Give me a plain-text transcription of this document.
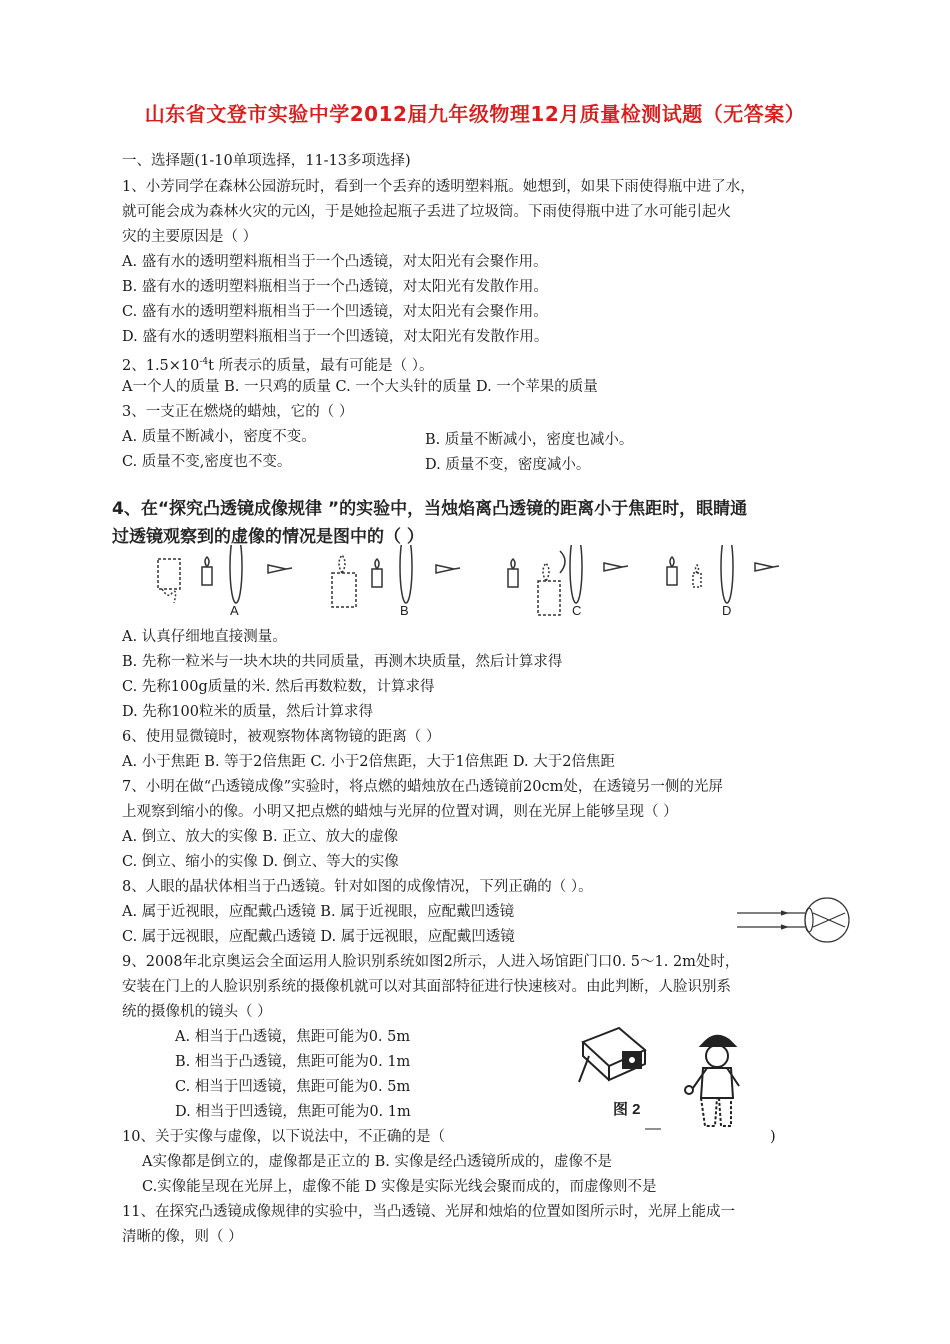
山东省文登市实验中学2012届九年级物理12月质量检测试题（无答案）
一、选择题(1-10单项选择，11-13多项选择)
1、小芳同学在森林公园游玩时，看到一个丢弃的透明塑料瓶。她想到，如果下雨使得瓶中进了水，
就可能会成为森林火灾的元凶，于是她捡起瓶子丢进了垃圾筒。下雨使得瓶中进了水可能引起火
灾的主要原因是（ ）
A. 盛有水的透明塑料瓶相当于一个凸透镜，对太阳光有会聚作用。
B. 盛有水的透明塑料瓶相当于一个凸透镜，对太阳光有发散作用。
C. 盛有水的透明塑料瓶相当于一个凹透镜，对太阳光有会聚作用。
D. 盛有水的透明塑料瓶相当于一个凹透镜，对太阳光有发散作用。
2、$1.5\times 10^{-4}t$ 所表示的质量，最有可能是（ ）。
A一个人的质量 B. 一只鸡的质量 C. 一个大头针的质量 D. 一个苹果的质量
3、一支正在燃烧的蜡烛，它的（ ）
A. 质量不断减小，密度不变。	B. 质量不断减小，密度也减小。
C. 质量不变,密度也不变。	D. 质量不变，密度减小。
4、在“探究凸透镜成像规律 ”的实验中，当烛焰离凸透镜的距离小于焦距时，眼睛通
过透镜观察到的虚像的情况是图中的（ ）
A	B	C	D
A. 认真仔细地直接测量。
B. 先称一粒米与一块木块的共同质量，再测木块质量，然后计算求得
C. 先称100g质量的米. 然后再数粒数，计算求得
D. 先称100粒米的质量，然后计算求得
6、使用显微镜时，被观察物体离物镜的距离（ ）
A. 小于焦距 B. 等于2倍焦距 C. 小于2倍焦距，大于1倍焦距 D. 大于2倍焦距
7、小明在做“凸透镜成像”实验时，将点燃的蜡烛放在凸透镜前20cm处，在透镜另一侧的光屏
上观察到缩小的像。小明又把点燃的蜡烛与光屏的位置对调，则在光屏上能够呈现（ ）
A. 倒立、放大的实像 B. 正立、放大的虚像
C. 倒立、缩小的实像 D. 倒立、等大的实像
8、人眼的晶状体相当于凸透镜。针对如图的成像情况，下列正确的（ ）。
A. 属于近视眼，应配戴凸透镜 B. 属于近视眼，应配戴凹透镜
C. 属于远视眼，应配戴凸透镜 D. 属于远视眼，应配戴凹透镜
9、2008年北京奥运会全面运用人脸识别系统如图2所示，人进入场馆距门口0. 5～1. 2m处时，
安装在门上的人脸识别系统的摄像机就可以对其面部特征进行快速核对。由此判断，人脸识别系
统的摄像机的镜头（ ）
A. 相当于凸透镜，焦距可能为0. 5m
B. 相当于凸透镜，焦距可能为0. 1m
C. 相当于凹透镜，焦距可能为0. 5m
D. 相当于凹透镜，焦距可能为0. 1m	图 2
10、关于实像与虚像，以下说法中，不正确的是（	)
A实像都是倒立的，虚像都是正立的 B. 实像是经凸透镜所成的，虚像不是
C.实像能呈现在光屏上，虚像不能 D 实像是实际光线会聚而成的，而虚像则不是
11、在探究凸透镜成像规律的实验中，当凸透镜、光屏和烛焰的位置如图所示时，光屏上能成一
清晰的像，则（ ）
